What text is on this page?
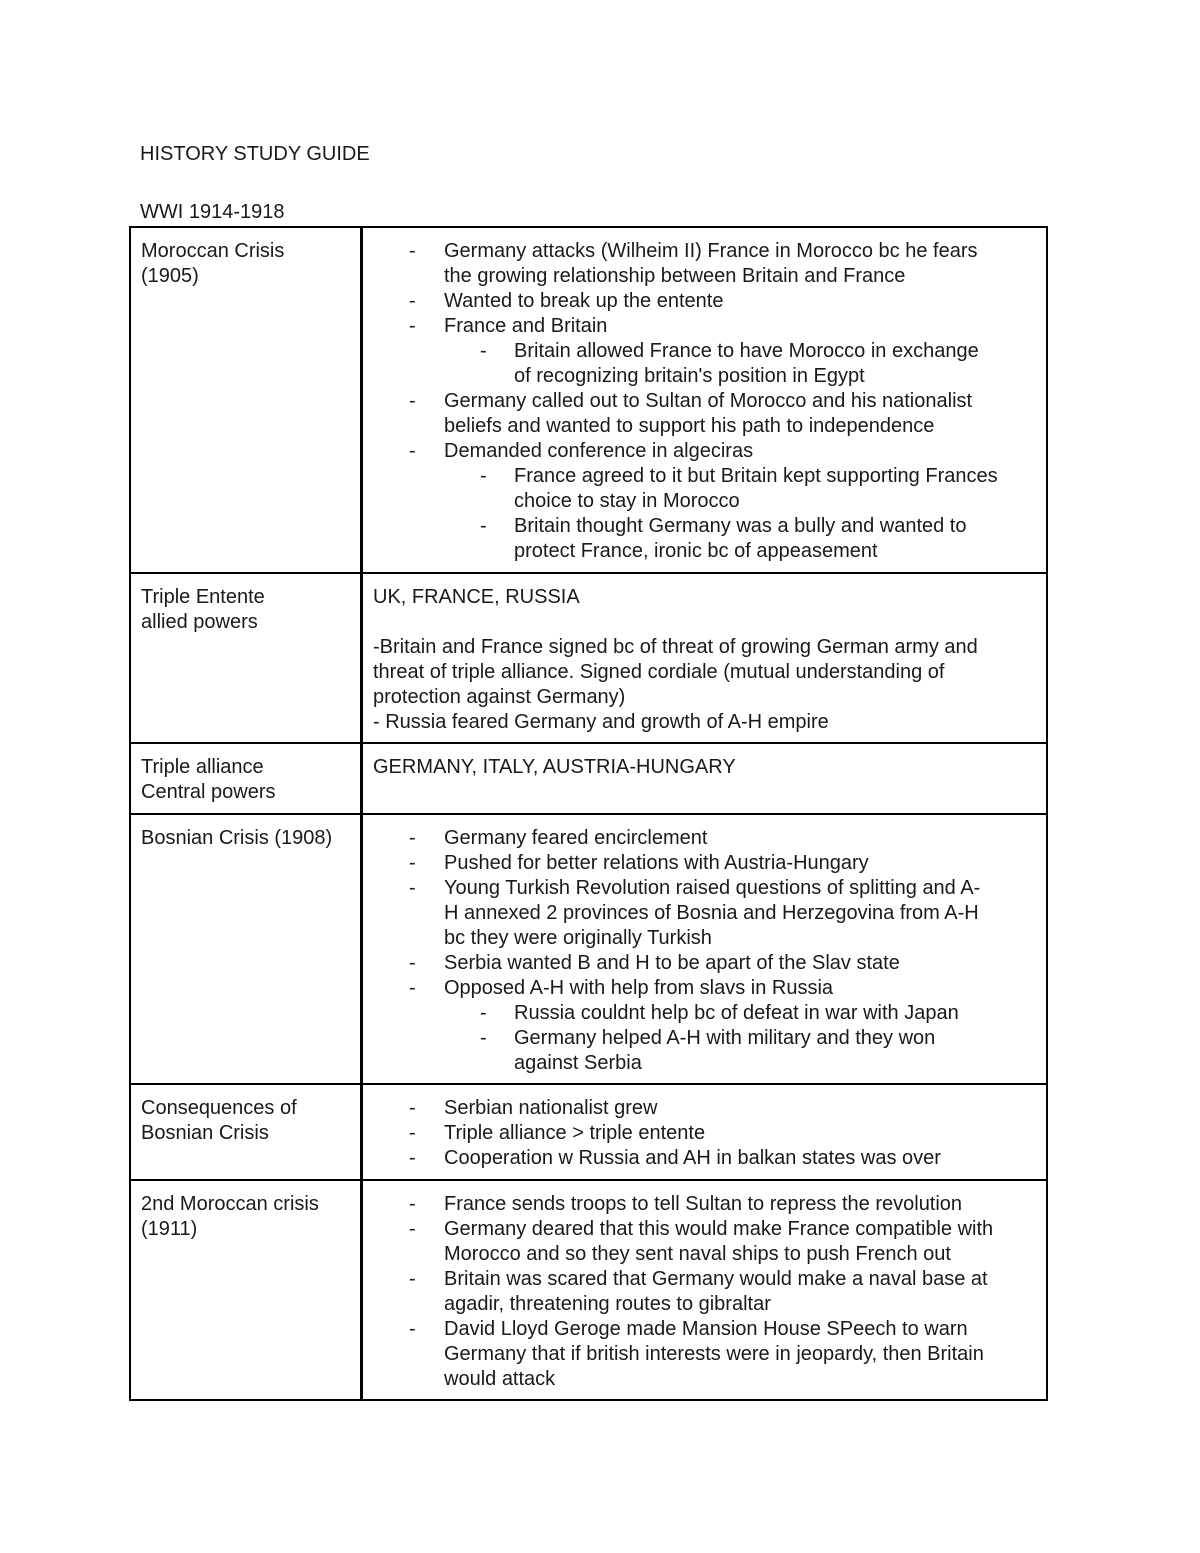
HISTORY STUDY GUIDE
WWI 1914-1918
Moroccan Crisis
(1905)
- Germany attacks (Wilheim II) France in Morocco bc he fears
the growing relationship between Britain and France
- Wanted to break up the entente
- France and Britain
- Britain allowed France to have Morocco in exchange
of recognizing britain's position in Egypt
- Germany called out to Sultan of Morocco and his nationalist
beliefs and wanted to support his path to independence
- Demanded conference in algeciras
- France agreed to it but Britain kept supporting Frances
choice to stay in Morocco
- Britain thought Germany was a bully and wanted to
protect France, ironic bc of appeasement
Triple Entente
allied powers
UK, FRANCE, RUSSIA
-Britain and France signed bc of threat of growing German army and
threat of triple alliance. Signed cordiale (mutual understanding of
protection against Germany)
- Russia feared Germany and growth of A-H empire
Triple alliance
Central powers
GERMANY, ITALY, AUSTRIA-HUNGARY
Bosnian Crisis (1908)	- Germany feared encirclement
- Pushed for better relations with Austria-Hungary
- Young Turkish Revolution raised questions of splitting and A-
H annexed 2 provinces of Bosnia and Herzegovina from A-H
bc they were originally Turkish
- Serbia wanted B and H to be apart of the Slav state
- Opposed A-H with help from slavs in Russia
- Russia couldnt help bc of defeat in war with Japan
- Germany helped A-H with military and they won
against Serbia
Consequences of
Bosnian Crisis
- Serbian nationalist grew
- Triple alliance > triple entente
- Cooperation w Russia and AH in balkan states was over
2nd Moroccan crisis
(1911)
- France sends troops to tell Sultan to repress the revolution
- Germany deared that this would make France compatible with
Morocco and so they sent naval ships to push French out
- Britain was scared that Germany would make a naval base at
agadir, threatening routes to gibraltar
- David Lloyd Geroge made Mansion House SPeech to warn
Germany that if british interests were in jeopardy, then Britain
would attack
